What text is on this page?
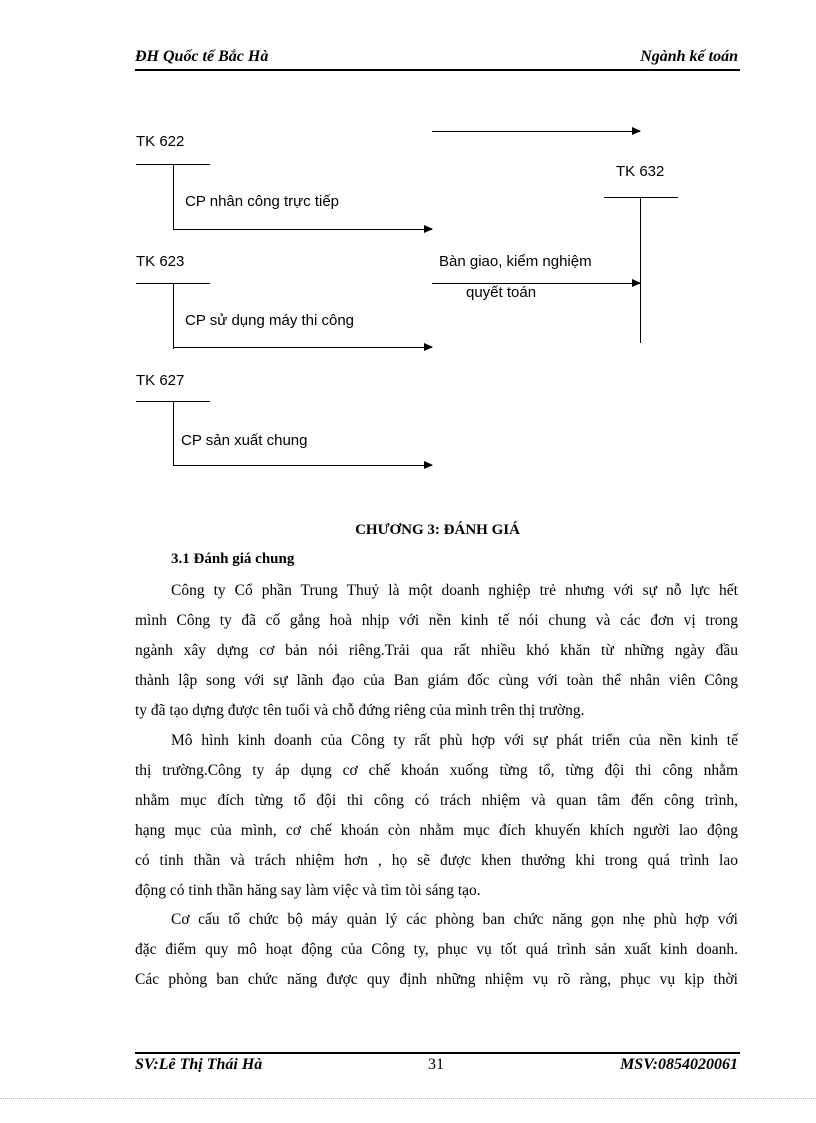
ĐH Quốc tế Bắc Hà	Ngành kế toán
TK 622
CP nhân công trực tiếp
TK 632
TK 623
CP sử dụng máy thi công
Bàn giao, kiểm nghiệm
quyết toán
TK 627
CP sản xuất chung
CHƯƠNG 3: ĐÁNH GIÁ
3.1 Đánh giá chung
Công ty Cổ phần Trung Thuỷ là một doanh nghiệp trẻ nhưng với sự nỗ lực hết
mình Công ty đã cố gắng hoà nhịp với nền kinh tế nói chung và các đơn vị trong
ngành xây dựng cơ bản nói riêng.Trải qua rất nhiều khó khăn từ những ngày đầu
thành lập song với sự lãnh đạo của Ban giám đốc cùng với toàn thể nhân viên Công
ty đã tạo dựng được tên tuổi và chỗ đứng riêng của mình trên thị trường.
Mô hình kinh doanh của Công ty rất phù hợp với sự phát triển của nền kinh tế
thị trường.Công ty áp dụng cơ chế khoán xuống từng tổ, từng đội thi công nhằm
nhằm mục đích từng tổ đội thi công có trách nhiệm và quan tâm đến công trình,
hạng mục của mình, cơ chế khoán còn nhằm mục đích khuyến khích người lao động
có tinh thần và trách nhiệm hơn , họ sẽ được khen thưởng khi trong quá trình lao
động có tinh thần hăng say làm việc và tìm tòi sáng tạo.
Cơ cấu tổ chức bộ máy quản lý các phòng ban chức năng gọn nhẹ phù hợp với
đặc điểm quy mô hoạt động của Công ty, phục vụ tốt quá trình sản xuất kinh doanh.
Các phòng ban chức năng được quy định những nhiệm vụ rõ ràng, phục vụ kịp thời
SV:Lê Thị Thái Hà	31	MSV:0854020061
